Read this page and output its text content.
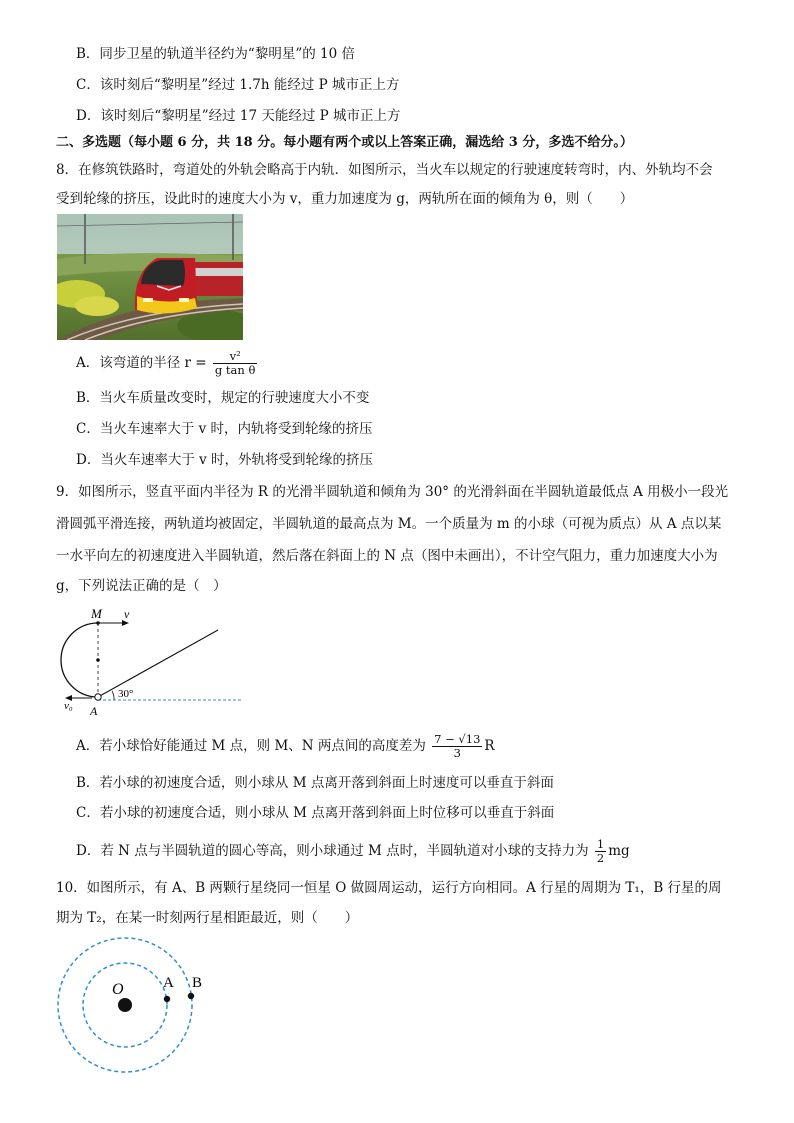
B．同步卫星的轨道半径约为“黎明星”的 10 倍
C．该时刻后“黎明星”经过 1.7h 能经过 P 城市正上方
D．该时刻后“黎明星”经过 17 天能经过 P 城市正上方
二、多选题（每小题 6 分，共 18 分。每小题有两个或以上答案正确，漏选给 3 分，多选不给分。）
8．在修筑铁路时，弯道处的外轨会略高于内轨．如图所示，当火车以规定的行驶速度转弯时，内、外轨均不会
受到轮缘的挤压，设此时的速度大小为 v，重力加速度为 g，两轨所在面的倾角为 θ，则（　　）
A．该弯道的半径 $r = \frac{\text{v²}}{\text{g tan θ}}$
B．当火车质量改变时，规定的行驶速度大小不变
C．当火车速率大于 v 时，内轨将受到轮缘的挤压
D．当火车速率大于 v 时，外轨将受到轮缘的挤压
9．如图所示，竖直平面内半径为 R 的光滑半圆轨道和倾角为 30° 的光滑斜面在半圆轨道最低点 A 用极小一段光
滑圆弧平滑连接，两轨道均被固定，半圆轨道的最高点为 M。一个质量为 m 的小球（可视为质点）从 A 点以某
一水平向左的初速度进入半圆轨道，然后落在斜面上的 N 点（图中未画出），不计空气阻力，重力加速度大小为
g，下列说法正确的是（　）
M v
A
v₀
30°
A．若小球恰好能通过 M 点，则 M、N 两点间的高度差为 $\frac{7 - √13}{3}$ R
B．若小球的初速度合适，则小球从 M 点离开落到斜面上时速度可以垂直于斜面
C．若小球的初速度合适，则小球从 M 点离开落到斜面上时位移可以垂直于斜面
D．若 N 点与半圆轨道的圆心等高，则小球通过 M 点时，半圆轨道对小球的支持力为 $\frac{1}{2}$ mg
10．如图所示，有 A、B 两颗行星绕同一恒星 O 做圆周运动，运行方向相同。A 行星的周期为 T₁，B 行星的周
期为 T₂，在某一时刻两行星相距最近，则（　　）
O	A B
